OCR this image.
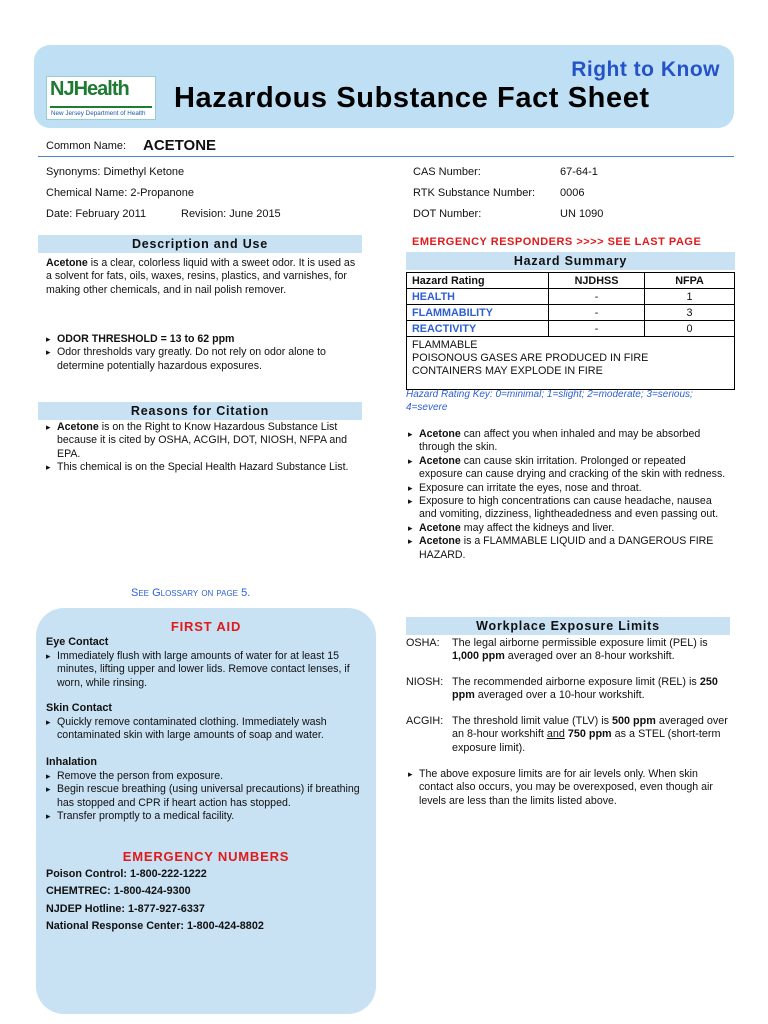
NJHealth
New Jersey Department of Health
Right to Know
Hazardous Substance Fact Sheet
Common Name: ACETONE
Synonyms: Dimethyl Ketone
Chemical Name: 2-Propanone
Date: February 2011	Revision: June 2015
CAS Number:	67-64-1
RTK Substance Number: 0006
DOT Number:	UN 1090
Description and Use
Acetone is a clear, colorless liquid with a sweet odor. It is used as a solvent for fats, oils, waxes, resins, plastics, and varnishes, for making other chemicals, and in nail polish remover.
▸ ODOR THRESHOLD = 13 to 62 ppm
▸ Odor thresholds vary greatly. Do not rely on odor alone to determine potentially hazardous exposures.
Reasons for Citation
▸ Acetone is on the Right to Know Hazardous Substance List because it is cited by OSHA, ACGIH, DOT, NIOSH, NFPA and EPA.
▸ This chemical is on the Special Health Hazard Substance List.
See Glossary on page 5.
FIRST AID
Eye Contact
▸ Immediately flush with large amounts of water for at least 15 minutes, lifting upper and lower lids. Remove contact lenses, if worn, while rinsing.
Skin Contact
▸ Quickly remove contaminated clothing. Immediately wash contaminated skin with large amounts of soap and water.
Inhalation
▸ Remove the person from exposure.
▸ Begin rescue breathing (using universal precautions) if breathing has stopped and CPR if heart action has stopped.
▸ Transfer promptly to a medical facility.
EMERGENCY NUMBERS
Poison Control: 1-800-222-1222
CHEMTREC: 1-800-424-9300
NJDEP Hotline: 1-877-927-6337
National Response Center: 1-800-424-8802
EMERGENCY RESPONDERS >>>> SEE LAST PAGE
Hazard Summary
Hazard Rating	NJDHSS	NFPA
HEALTH	-	1
FLAMMABILITY	-	3
REACTIVITY	-	0

FLAMMABLE
POISONOUS GASES ARE PRODUCED IN FIRE
CONTAINERS MAY EXPLODE IN FIRE		
Hazard Rating Key: 0=minimal; 1=slight; 2=moderate; 3=serious; 4=severe
▸ Acetone can affect you when inhaled and may be absorbed through the skin.
▸ Acetone can cause skin irritation. Prolonged or repeated exposure can cause drying and cracking of the skin with redness.
▸ Exposure can irritate the eyes, nose and throat.
▸ Exposure to high concentrations can cause headache, nausea and vomiting, dizziness, lightheadedness and even passing out.
▸ Acetone may affect the kidneys and liver.
▸ Acetone is a FLAMMABLE LIQUID and a DANGEROUS FIRE HAZARD.
Workplace Exposure Limits
OSHA:	The legal airborne permissible exposure limit (PEL) is 1,000 ppm averaged over an 8-hour workshift.
NIOSH: The recommended airborne exposure limit (REL) is 250 ppm averaged over a 10-hour workshift.
ACGIH: The threshold limit value (TLV) is 500 ppm averaged over an 8-hour workshift and 750 ppm as a STEL (short-term exposure limit).
▸ The above exposure limits are for air levels only. When skin contact also occurs, you may be overexposed, even though air levels are less than the limits listed above.
